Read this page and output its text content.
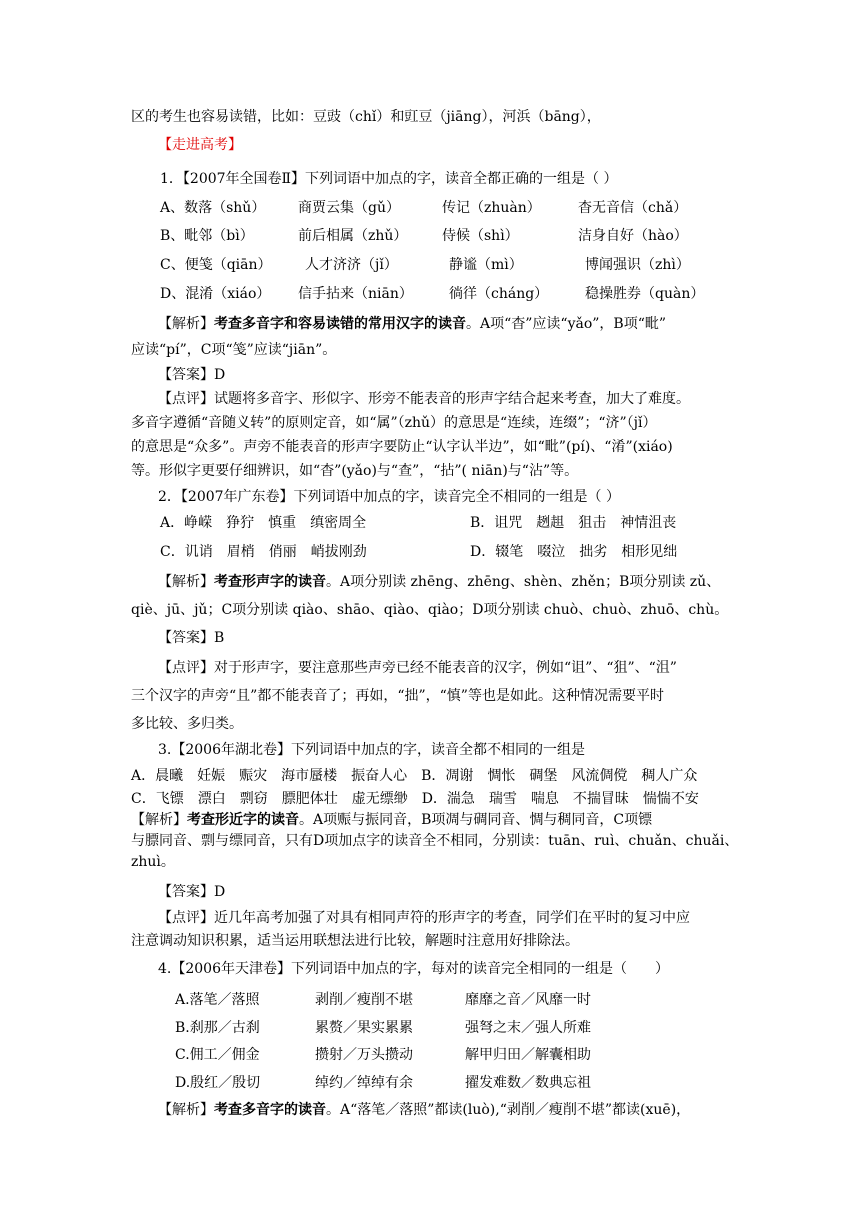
区的考生也容易读错，比如：豆豉（chǐ）和豇豆（jiāng），河浜（bāng），
【走进高考】
1．【2007年全国卷Ⅱ】下列词语中加点的字，读音全都正确的一组是（ ）
A、数落（shǔ） 商贾云集（gǔ）	传记（zhuàn）	杳无音信（chǎ）
B、毗邻（bì）	前后相属（zhǔ） 侍候（shì）	洁身自好（hào）
C、便笺（qiān） 人才济济（jǐ）	静谧（mì）	博闻强识（zhì）
D、混淆（xiáo） 信手拈来（niān）	徜徉（cháng）	稳操胜券（quàn）
【解析】考查多音字和容易读错的常用汉字的读音。A项“杳”应读“yǎo”，B项“毗”
应读“pí”，C项“笺”应读“jiān”。
【答案】D
【点评】试题将多音字、形似字、形旁不能表音的形声字结合起来考查，加大了难度。
多音字遵循“音随义转”的原则定音，如“属”（zhǔ）的意思是“连续，连缀”；“济”（jǐ）
的意思是“众多”。声旁不能表音的形声字要防止“认字认半边”，如“毗”(pí)、“淆”(xiáo)
等。形似字更要仔细辨识，如“杳”(yǎo)与“查”，“拈”( niān)与“沾”等。
2．【2007年广东卷】下列词语中加点的字，读音完全不相同的一组是（ ）
A．峥嵘　狰狞　慎重　缜密周全	B．诅咒　趔趄　狙击　神情沮丧
C．讥诮　眉梢　俏丽　峭拔刚劲	D．辍笔　啜泣　拙劣　相形见绌
【解析】考查形声字的读音。A项分别读 zhēng、zhēng、shèn、zhěn；B项分别读 zǔ、
qiè、jū、jǔ；C项分别读 qiào、shāo、qiào、qiào；D项分别读 chuò、chuò、zhuō、chù。
【答案】B
【点评】对于形声字，要注意那些声旁已经不能表音的汉字，例如“诅”、“狙”、“沮”
三个汉字的声旁“且”都不能表音了；再如，“拙”，“慎”等也是如此。这种情况需要平时
多比较、多归类。
3.【2006年湖北卷】下列词语中加点的字，读音全都不相同的一组是
A．晨曦　妊娠　赈灾　海市蜃楼　振奋人心　B．凋谢　惆怅　碉堡　风流倜傥　稠人广众
C．飞镖　漂白　剽窃　膘肥体壮　虚无缥缈　D．湍急　瑞雪　喘息　不揣冒昧　惴惴不安
【解析】考查形近字的读音。A项赈与振同音，B项凋与碉同音、惆与稠同音，C项镖
与膘同音、剽与缥同音，只有D项加点字的读音全不相同，分别读：tuān、ruì、chuǎn、chuǎi、
zhuì。
【答案】D
【点评】近几年高考加强了对具有相同声符的形声字的考查，同学们在平时的复习中应
注意调动知识积累，适当运用联想法进行比较，解题时注意用好排除法。
4.【2006年天津卷】下列词语中加点的字，每对的读音完全相同的一组是（　　）
A.落笔／落照	剥削／瘦削不堪	靡靡之音／风靡一时
B.刹那／古刹	累赘／果实累累	强弩之末／强人所难
C.佣工／佣金	攒射／万头攒动	解甲归田／解囊相助
D.殷红／殷切	绰约／绰绰有余	擢发难数／数典忘祖
【解析】考查多音字的读音。A“落笔／落照”都读(luò),“剥削／瘦削不堪”都读(xuē)，
